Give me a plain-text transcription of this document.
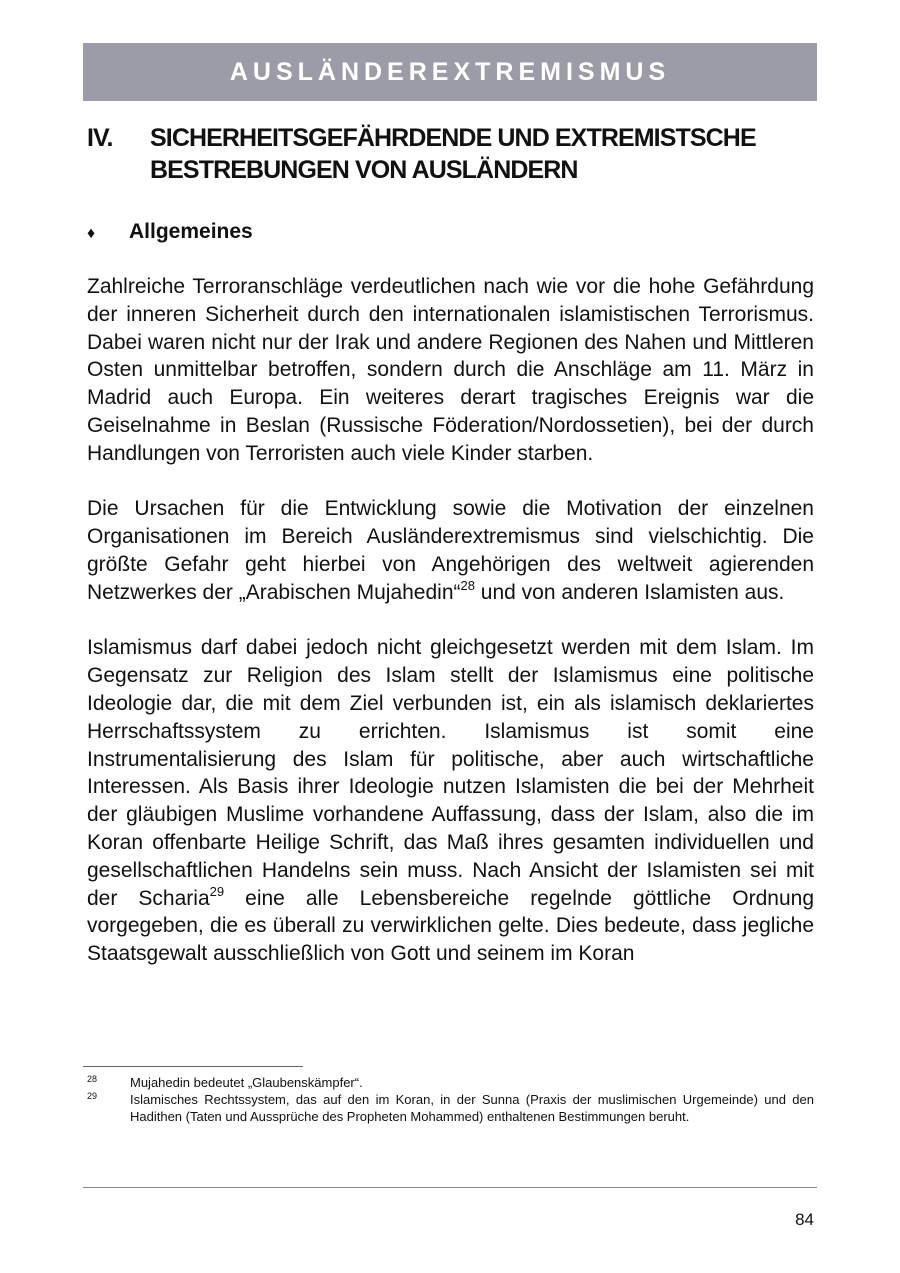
AUSLÄNDEREXTREMISMUS
IV. SICHERHEITSGEFÄHRDENDE UND EXTREMISTSCHE BESTREBUNGEN VON AUSLÄNDERN
♦ Allgemeines

Zahlreiche Terroranschläge verdeutlichen nach wie vor die hohe Gefährdung der inneren Sicherheit durch den internationalen islamistischen Terrorismus. Dabei waren nicht nur der Irak und andere Regionen des Nahen und Mittleren Osten unmittelbar betroffen, sondern durch die Anschläge am 11. März in Madrid auch Europa. Ein weiteres derart tragisches Ereignis war die Geiselnahme in Beslan (Russische Föderation/Nordossetien), bei der durch Handlungen von Terroristen auch viele Kinder starben.

Die Ursachen für die Entwicklung sowie die Motivation der einzelnen Organisationen im Bereich Ausländerextremismus sind vielschichtig. Die größte Gefahr geht hierbei von Angehörigen des weltweit agierenden Netzwerkes der „Arabischen Mujahedin“$^{28}$ und von anderen Islamisten aus.

Islamismus darf dabei jedoch nicht gleichgesetzt werden mit dem Islam. Im Gegensatz zur Religion des Islam stellt der Islamismus eine politische Ideologie dar, die mit dem Ziel verbunden ist, ein als islamisch deklariertes Herrschaftssystem zu errichten. Islamismus ist somit eine Instrumentalisierung des Islam für politische, aber auch wirtschaftliche Interessen. Als Basis ihrer Ideologie nutzen Islamisten die bei der Mehrheit der gläubigen Muslime vorhandene Auffassung, dass der Islam, also die im Koran offenbarte Heilige Schrift, das Maß ihres gesamten individuellen und gesellschaftlichen Handelns sein muss. Nach Ansicht der Islamisten sei mit der Scharia$^{29}$ eine alle Lebensbereiche regelnde göttliche Ordnung vorgegeben, die es überall zu verwirklichen gelte. Dies bedeute, dass jegliche Staatsgewalt ausschließlich von Gott und seinem im Koran

28	Mujahedin bedeutet „Glaubenskämpfer“.
29	Islamisches Rechtssystem, das auf den im Koran, in der Sunna (Praxis der muslimischen Urgemeinde) und den Hadithen (Taten und Aussprüche des Propheten Mohammed) enthaltenen Bestimmungen beruht.
84
